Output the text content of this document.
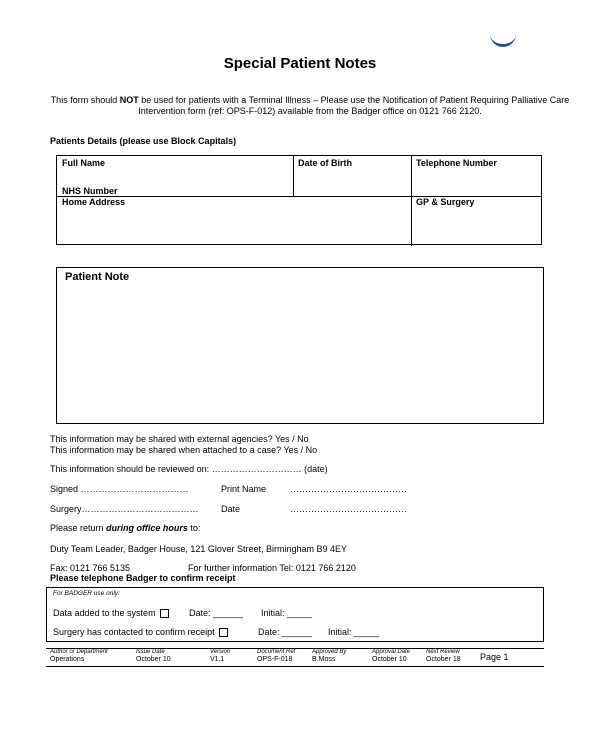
Special Patient Notes
This form should NOT be used for patients with a Terminal Illness – Please use the Notification of Patient Requiring Palliative Care Intervention form (ref: OPS-F-012) available from the Badger office on 0121 766 2120.
Patients Details (please use Block Capitals)
Full Name	Date of Birth	Telephone Number
NHS Number
Home Address	GP & Surgery
Patient Note
This information may be shared with external agencies? Yes / No
This information may be shared when attached to a case? Yes / No
This information should be reviewed on: ………………………… (date)
Signed ………………………………	Print Name	…………………………………
Surgery………………………………… Date	…………………………………
Please return during office hours to:
Duty Team Leader, Badger House, 121 Glover Street, Birmingham B9 4EY
Fax: 0121 766 5135	For further information Tel: 0121 766 2120
Please telephone Badger to confirm receipt
For BADGER use only:
Data added to the system	Date: ______ Initial: _____
Surgery has contacted to confirm receipt	Date: ______ Initial: _____
Author or Department	Issue Date	Version	Document Ref	Approved By	Approval Date	Next Review
Operations	October 10	V1.1	OPS-F-018	B.Moss	October 10	October 18 Page 1
